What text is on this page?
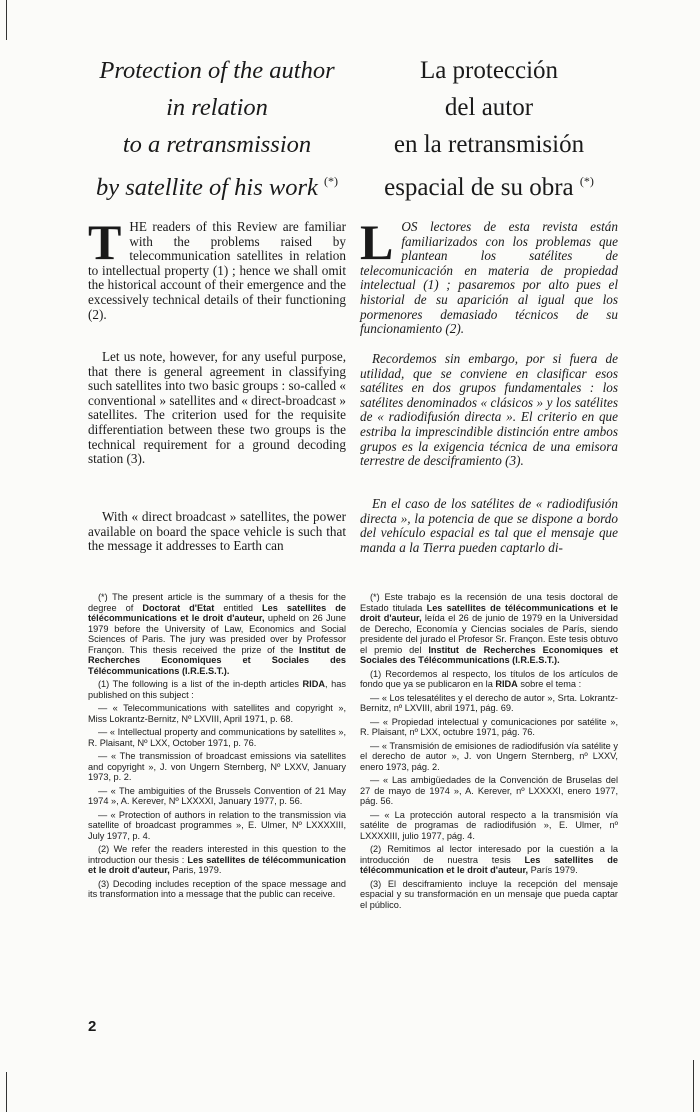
Protection of the author
in relation
to a retransmission
by satellite of his work (*)
THE readers of this Review are familiar with the problems raised by telecommunication satellites in relation to intellectual property (1) ; hence we shall omit the historical account of their emergence and the excessively technical details of their functioning (2).
Let us note, however, for any useful purpose, that there is general agreement in classifying such satellites into two basic groups : so-called « conventional » satellites and « direct-broadcast » satellites. The criterion used for the requisite differentiation between these two groups is the technical requirement for a ground decoding station (3).
With « direct broadcast » satellites, the power available on board the space vehicle is such that the message it addresses to Earth can
(*) The present article is the summary of a thesis for the degree of Doctorat d'Etat entitled Les satellites de télécommunications et le droit d'auteur, upheld on 26 June 1979 before the University of Law, Economics and Social Sciences of Paris. The jury was presided over by Professor Françon. This thesis received the prize of the Institut de Recherches Economiques et Sociales des Télécommunications (I.R.E.S.T.).
(1) The following is a list of the in-depth articles RIDA, has published on this subject :
— « Telecommunications with satellites and copyright », Miss Lokrantz-Bernitz, Nº LXVIII, April 1971, p. 68.
— « Intellectual property and communications by satellites », R. Plaisant, Nº LXX, October 1971, p. 76.
— « The transmission of broadcast emissions via satellites and copyright », J. von Ungern Sternberg, Nº LXXV, January 1973, p. 2.
— « The ambiguities of the Brussels Convention of 21 May 1974 », A. Kerever, Nº LXXXXI, January 1977, p. 56.
— « Protection of authors in relation to the transmission via satellite of broadcast programmes », E. Ulmer, Nº LXXXXIII, July 1977, p. 4.
(2) We refer the readers interested in this question to the introduction our thesis : Les satellites de télécommunication et le droit d'auteur, Paris, 1979.
(3) Decoding includes reception of the space message and its transformation into a message that the public can receive.
La protección
del autor
en la retransmisión
espacial de su obra (*)
LOS lectores de esta revista están familiarizados con los problemas que plantean los satélites de telecomunicación en materia de propiedad intelectual (1) ; pasaremos por alto pues el historial de su aparición al igual que los pormenores demasiado técnicos de su funcionamiento (2).
Recordemos sin embargo, por si fuera de utilidad, que se conviene en clasificar esos satélites en dos grupos fundamentales : los satélites denominados « clásicos » y los satélites de « radiodifusión directa ». El criterio en que estriba la imprescindible distinción entre ambos grupos es la exigencia técnica de una emisora terrestre de desciframiento (3).
En el caso de los satélites de « radiodifusión directa », la potencia de que se dispone a bordo del vehículo espacial es tal que el mensaje que manda a la Tierra pueden captarlo di-
(*) Este trabajo es la recensión de una tesis doctoral de Estado titulada Les satellites de télécommunications et le droit d'auteur, leída el 26 de junio de 1979 en la Universidad de Derecho, Economía y Ciencias sociales de París, siendo presidente del jurado el Profesor Sr. Françon. Este tesis obtuvo el premio del Institut de Recherches Economiques et Sociales des Télécommunications (I.R.E.S.T.).
(1) Recordemos al respecto, los títulos de los artículos de fondo que ya se publicaron en la RIDA sobre el tema :
— « Los telesatélites y el derecho de autor », Srta. Lokrantz-Bernitz, nº LXVIII, abril 1971, pág. 69.
— « Propiedad intelectual y comunicaciones por satélite », R. Plaisant, nº LXX, octubre 1971, pág. 76.
— « Transmisión de emisiones de radiodifusión vía satélite y el derecho de autor », J. von Ungern Sternberg, nº LXXV, enero 1973, pág. 2.
— « Las ambigüedades de la Convención de Bruselas del 27 de mayo de 1974 », A. Kerever, nº LXXXXI, enero 1977, pág. 56.
— « La protección autoral respecto a la transmisión vía satélite de programas de radiodifusión », E. Ulmer, nº LXXXXIII, julio 1977, pág. 4.
(2) Remitimos al lector interesado por la cuestión a la introducción de nuestra tesis Les satellites de télécommunication et le droit d'auteur, París 1979.
(3) El desciframiento incluye la recepción del mensaje espacial y su transformación en un mensaje que pueda captar el público.
2
